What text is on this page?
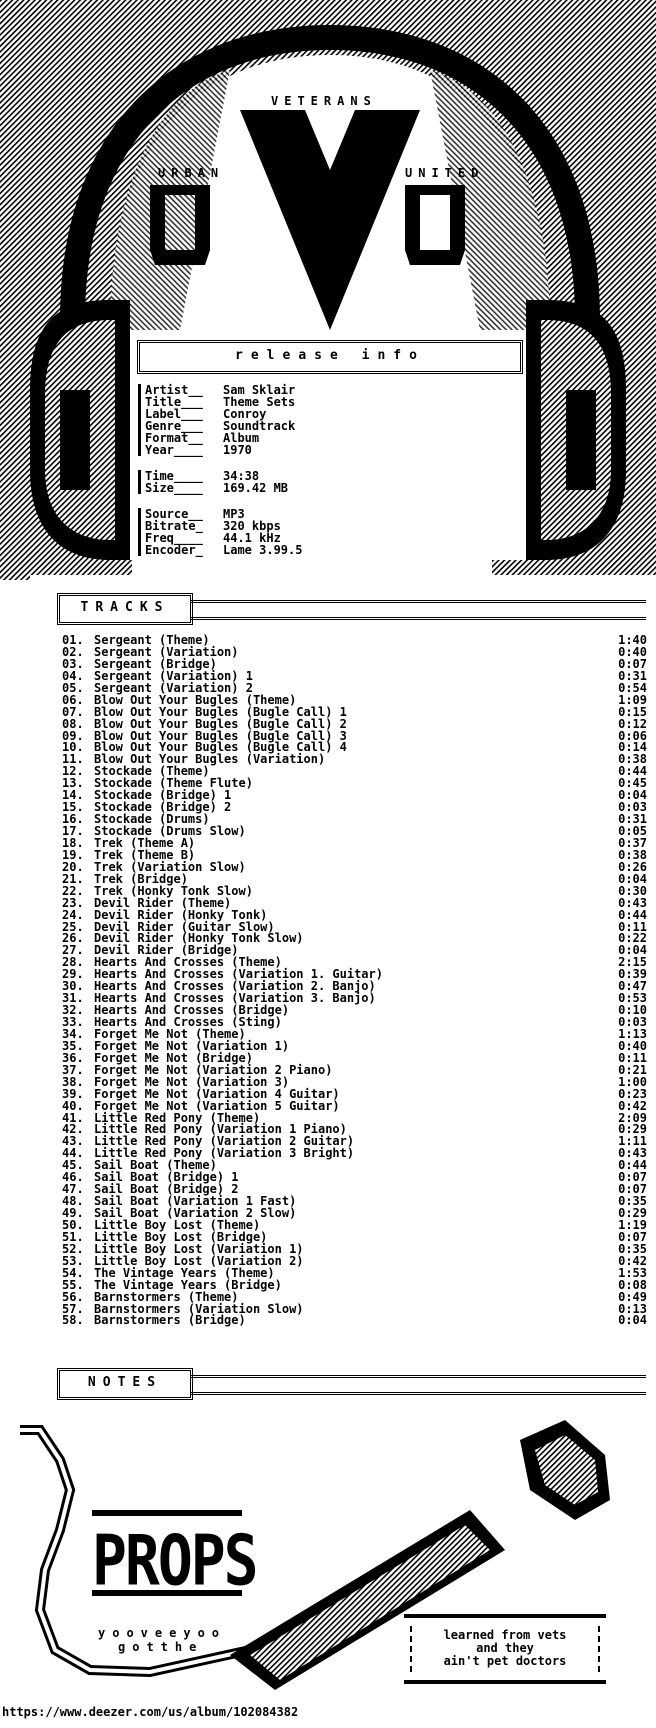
VETERANS
URBAN	UNITED
release info
Artist__ Sam Sklair
Title___ Theme Sets
Label___ Conroy
Genre___ Soundtrack
Format__ Album
Year____ 1970
Time____ 34:38
Size____ 169.42 MB
Source__ MP3
Bitrate_ 320 kbps
Freq____ 44.1 kHz
Encoder_ Lame 3.99.5
TRACKS
01. Sergeant (Theme)	1:40
02. Sergeant (Variation)	0:40
03. Sergeant (Bridge)	0:07
04. Sergeant (Variation) 1	0:31
05. Sergeant (Variation) 2	0:54
06. Blow Out Your Bugles (Theme)	1:09
07. Blow Out Your Bugles (Bugle Call) 1	0:15
08. Blow Out Your Bugles (Bugle Call) 2	0:12
09. Blow Out Your Bugles (Bugle Call) 3	0:06
10. Blow Out Your Bugles (Bugle Call) 4	0:14
11. Blow Out Your Bugles (Variation)	0:38
12. Stockade (Theme)	0:44
13. Stockade (Theme Flute)	0:45
14. Stockade (Bridge) 1	0:04
15. Stockade (Bridge) 2	0:03
16. Stockade (Drums)	0:31
17. Stockade (Drums Slow)	0:05
18. Trek (Theme A)	0:37
19. Trek (Theme B)	0:38
20. Trek (Variation Slow)	0:26
21. Trek (Bridge)	0:04
22. Trek (Honky Tonk Slow)	0:30
23. Devil Rider (Theme)	0:43
24. Devil Rider (Honky Tonk)	0:44
25. Devil Rider (Guitar Slow)	0:11
26. Devil Rider (Honky Tonk Slow)	0:22
27. Devil Rider (Bridge)	0:04
28. Hearts And Crosses (Theme)	2:15
29. Hearts And Crosses (Variation 1. Guitar)	0:39
30. Hearts And Crosses (Variation 2. Banjo)	0:47
31. Hearts And Crosses (Variation 3. Banjo)	0:53
32. Hearts And Crosses (Bridge)	0:10
33. Hearts And Crosses (Sting)	0:03
34. Forget Me Not (Theme)	1:13
35. Forget Me Not (Variation 1)	0:40
36. Forget Me Not (Bridge)	0:11
37. Forget Me Not (Variation 2 Piano)	0:21
38. Forget Me Not (Variation 3)	1:00
39. Forget Me Not (Variation 4 Guitar)	0:23
40. Forget Me Not (Variation 5 Guitar)	0:42
41. Little Red Pony (Theme)	2:09
42. Little Red Pony (Variation 1 Piano)	0:29
43. Little Red Pony (Variation 2 Guitar)	1:11
44. Little Red Pony (Variation 3 Bright)	0:43
45. Sail Boat (Theme)	0:44
46. Sail Boat (Bridge) 1	0:07
47. Sail Boat (Bridge) 2	0:07
48. Sail Boat (Variation 1 Fast)	0:35
49. Sail Boat (Variation 2 Slow)	0:29
50. Little Boy Lost (Theme)	1:19
51. Little Boy Lost (Bridge)	0:07
52. Little Boy Lost (Variation 1)	0:35
53. Little Boy Lost (Variation 2)	0:42
54. The Vintage Years (Theme)	1:53
55. The Vintage Years (Bridge)	0:08
56. Barnstormers (Theme)	0:49
57. Barnstormers (Variation Slow)	0:13
58. Barnstormers (Bridge)	0:04
NOTES
yooveeyoo
gotthe
PROPS
learned from vets
and they
ain't pet doctors
https://www.deezer.com/us/album/102084382
